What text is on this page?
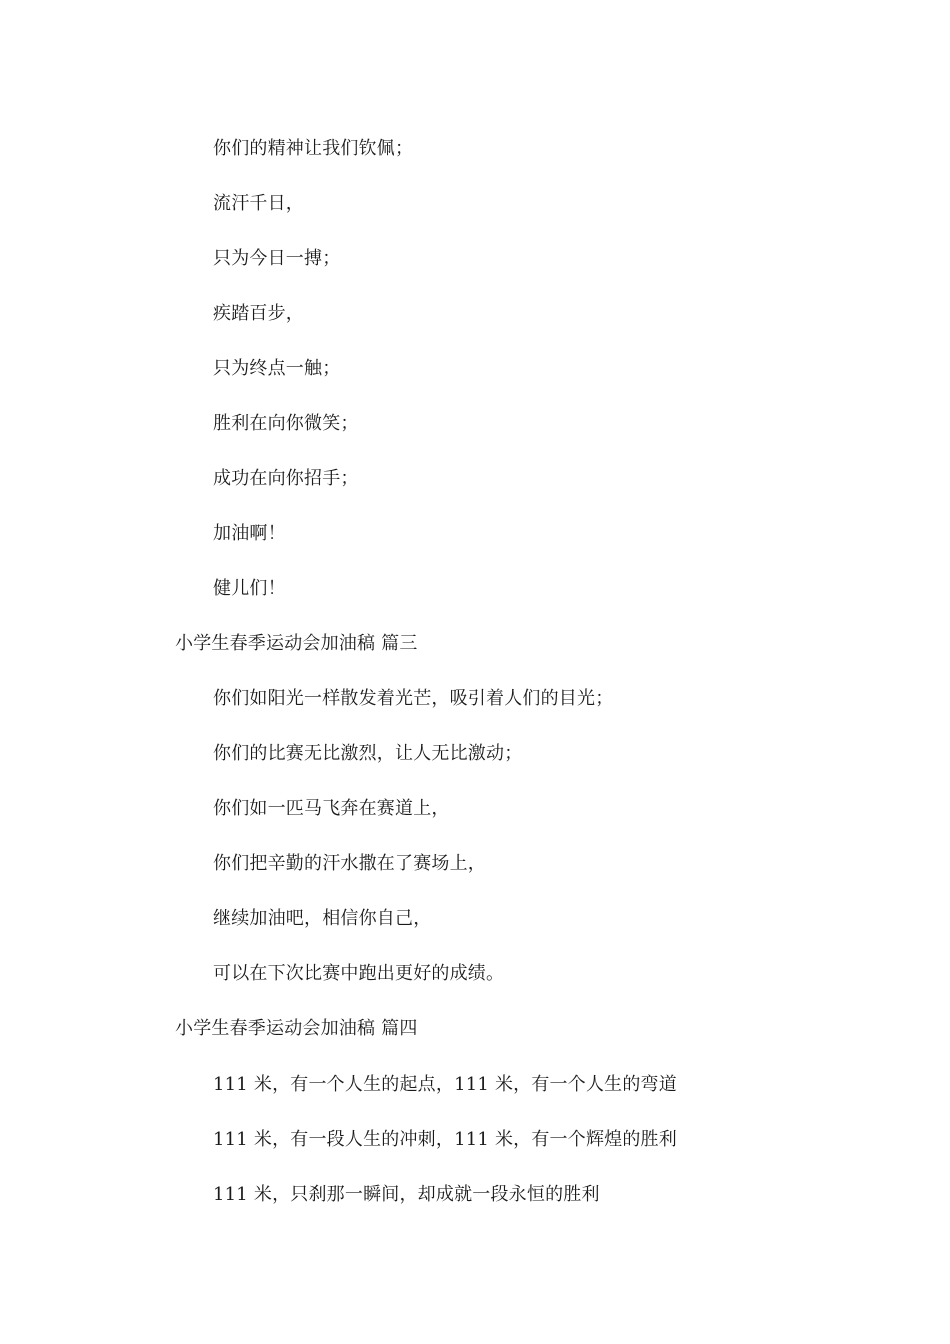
你们的精神让我们钦佩；
流汗千日，
只为今日一搏；
疾踏百步，
只为终点一触；
胜利在向你微笑；
成功在向你招手；
加油啊！
健儿们！
小学生春季运动会加油稿 篇三
你们如阳光一样散发着光芒，吸引着人们的目光；
你们的比赛无比激烈，让人无比激动；
你们如一匹马飞奔在赛道上，
你们把辛勤的汗水撒在了赛场上，
继续加油吧，相信你自己，
可以在下次比赛中跑出更好的成绩。
小学生春季运动会加油稿 篇四
111 米，有一个人生的起点，111 米，有一个人生的弯道
111 米，有一段人生的冲刺，111 米，有一个辉煌的胜利
111 米，只刹那一瞬间，却成就一段永恒的胜利
